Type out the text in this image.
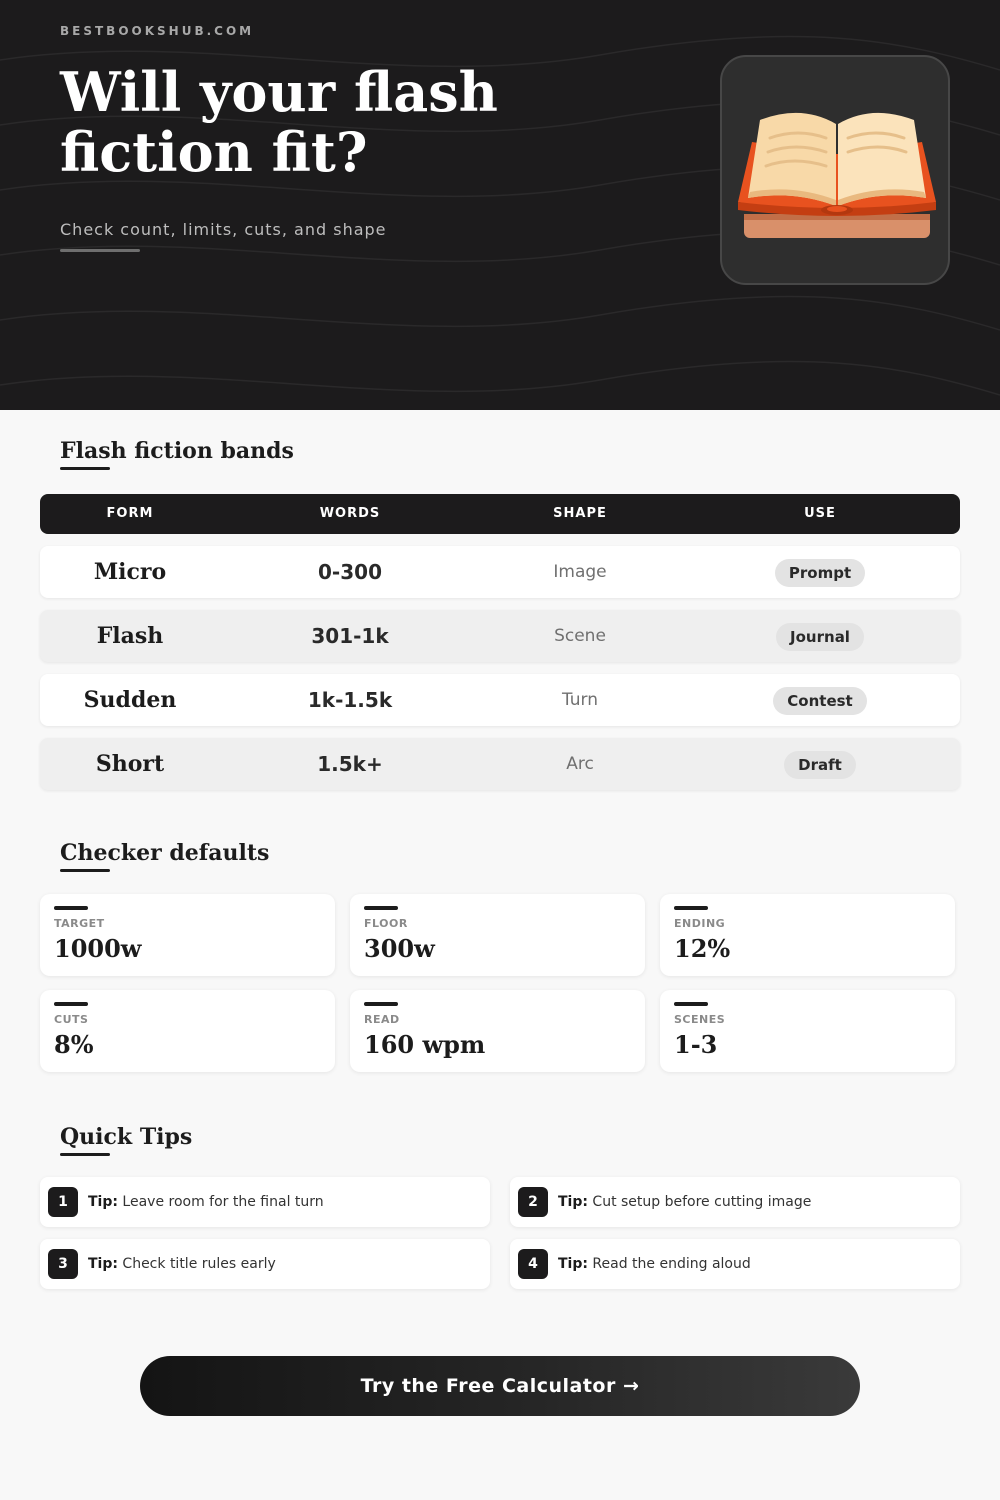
BESTBOOKSHUB.COM
Will your flash fiction fit?
Check count, limits, cuts, and shape
Flash fiction bands
FORM	WORDS	SHAPE	USE
Micro	0-300	Image	Prompt
Flash	301-1k	Scene	Journal
Sudden	1k-1.5k	Turn	Contest
Short	1.5k+	Arc	Draft
Checker defaults
TARGET
1000w
FLOOR
300w
ENDING
12%
CUTS
8%
READ
160 wpm
SCENES
1-3
Quick Tips
1	Tip: Leave room for the final turn	2	Tip: Cut setup before cutting image
3	Tip: Check title rules early	4	Tip: Read the ending aloud
Try the Free Calculator →
